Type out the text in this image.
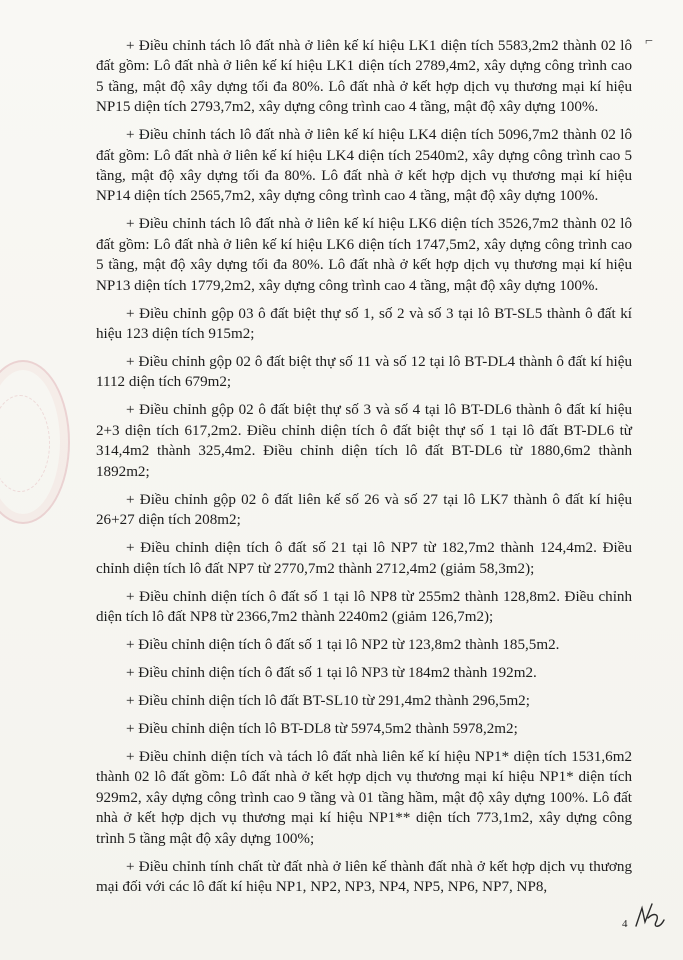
⌐

+ Điều chỉnh tách lô đất nhà ở liên kế kí hiệu LK1 diện tích 5583,2m2 thành 02 lô đất gồm: Lô đất nhà ở liên kế kí hiệu LK1 diện tích 2789,4m2, xây dựng công trình cao 5 tầng, mật độ xây dựng tối đa 80%. Lô đất nhà ở kết hợp dịch vụ thương mại kí hiệu NP15 diện tích 2793,7m2, xây dựng công trình cao 4 tầng, mật độ xây dựng 100%.

+ Điều chỉnh tách lô đất nhà ở liên kế kí hiệu LK4 diện tích 5096,7m2 thành 02 lô đất gồm: Lô đất nhà ở liên kế kí hiệu LK4 diện tích 2540m2, xây dựng công trình cao 5 tầng, mật độ xây dựng tối đa 80%. Lô đất nhà ở kết hợp dịch vụ thương mại kí hiệu NP14 diện tích 2565,7m2, xây dựng công trình cao 4 tầng, mật độ xây dựng 100%.

+ Điều chỉnh tách lô đất nhà ở liên kế kí hiệu LK6 diện tích 3526,7m2 thành 02 lô đất gồm: Lô đất nhà ở liên kế kí hiệu LK6 diện tích 1747,5m2, xây dựng công trình cao 5 tầng, mật độ xây dựng tối đa 80%. Lô đất nhà ở kết hợp dịch vụ thương mại kí hiệu NP13 diện tích 1779,2m2, xây dựng công trình cao 4 tầng, mật độ xây dựng 100%.

+ Điều chỉnh gộp 03 ô đất biệt thự số 1, số 2 và số 3 tại lô BT-SL5 thành ô đất kí hiệu 123 diện tích 915m2;

+ Điều chỉnh gộp 02 ô đất biệt thự số 11 và số 12 tại lô BT-DL4 thành ô đất kí hiệu 1112 diện tích 679m2;

+ Điều chỉnh gộp 02 ô đất biệt thự số 3 và số 4 tại lô BT-DL6 thành ô đất kí hiệu 2+3 diện tích 617,2m2. Điều chỉnh diện tích ô đất biệt thự số 1 tại lô đất BT-DL6 từ 314,4m2 thành 325,4m2. Điều chỉnh diện tích lô đất BT-DL6 từ 1880,6m2 thành 1892m2;

+ Điều chỉnh gộp 02 ô đất liên kế số 26 và số 27 tại lô LK7 thành ô đất kí hiệu 26+27 diện tích 208m2;

+ Điều chỉnh diện tích ô đất số 21 tại lô NP7 từ 182,7m2 thành 124,4m2. Điều chỉnh diện tích lô đất NP7 từ 2770,7m2 thành 2712,4m2 (giảm 58,3m2);

+ Điều chỉnh diện tích ô đất số 1 tại lô NP8 từ 255m2 thành 128,8m2. Điều chỉnh diện tích lô đất NP8 từ 2366,7m2 thành 2240m2 (giảm 126,7m2);

+ Điều chỉnh diện tích ô đất số 1 tại lô NP2 từ 123,8m2 thành 185,5m2.

+ Điều chỉnh diện tích ô đất số 1 tại lô NP3 từ 184m2 thành 192m2.

+ Điều chỉnh diện tích lô đất BT-SL10 từ 291,4m2 thành 296,5m2;

+ Điều chỉnh diện tích lô BT-DL8 từ 5974,5m2 thành 5978,2m2;

+ Điều chỉnh diện tích và tách lô đất nhà liên kế kí hiệu NP1* diện tích 1531,6m2 thành 02 lô đất gồm: Lô đất nhà ở kết hợp dịch vụ thương mại kí hiệu NP1* diện tích 929m2, xây dựng công trình cao 9 tầng và 01 tầng hầm, mật độ xây dựng 100%. Lô đất nhà ở kết hợp dịch vụ thương mại kí hiệu NP1** diện tích 773,1m2, xây dựng công trình 5 tầng mật độ xây dựng 100%;

+ Điều chỉnh tính chất từ đất nhà ở liên kế thành đất nhà ở kết hợp dịch vụ thương mại đối với các lô đất kí hiệu NP1, NP2, NP3, NP4, NP5, NP6, NP7, NP8,

4
